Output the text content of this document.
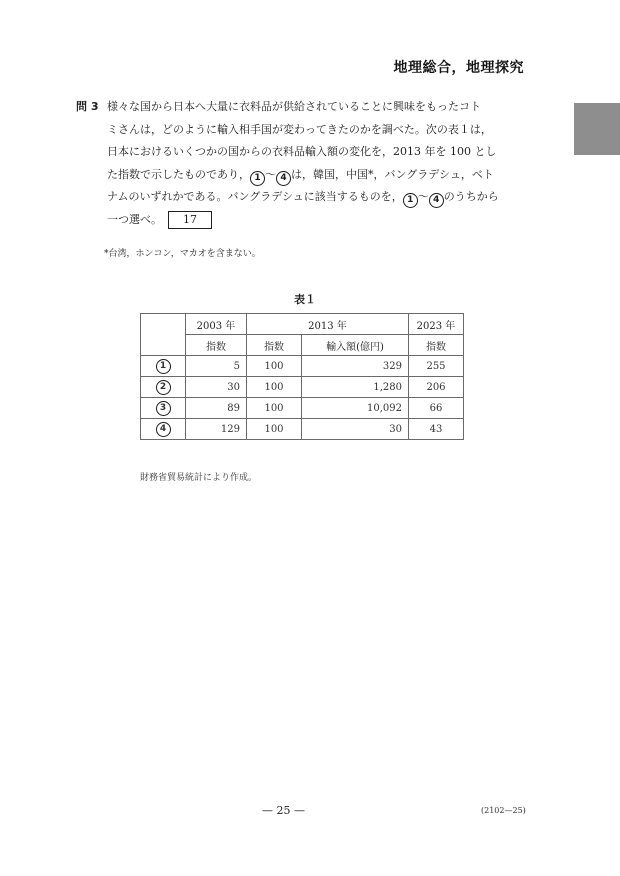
地理総合，地理探究
問 3 様々な国から日本へ大量に衣料品が供給されていることに興味をもったコト
ミさんは，どのように輸入相手国が変わってきたのかを調べた。次の表１は，
日本におけるいくつかの国からの衣料品輸入額の変化を，2013 年を 100 とし
た指数で示したものであり， 1 ～ 4 は，韓国，中国*，バングラデシュ，ベト
ナムのいずれかである。バングラデシュに該当するものを， 1 ～ 4 のうちから
一つ選べ。 17
*台湾，ホンコン，マカオを含まない。
表１
	2003 年	2013 年		2023 年
	指数	指数	輸入額(億円)	指数
1	5	100	329	255
2	30	100	1,280	206
3	89	100	10,092	66
4	129	100	30	43
財務省貿易統計により作成。
— 25 —	(2102—25)
